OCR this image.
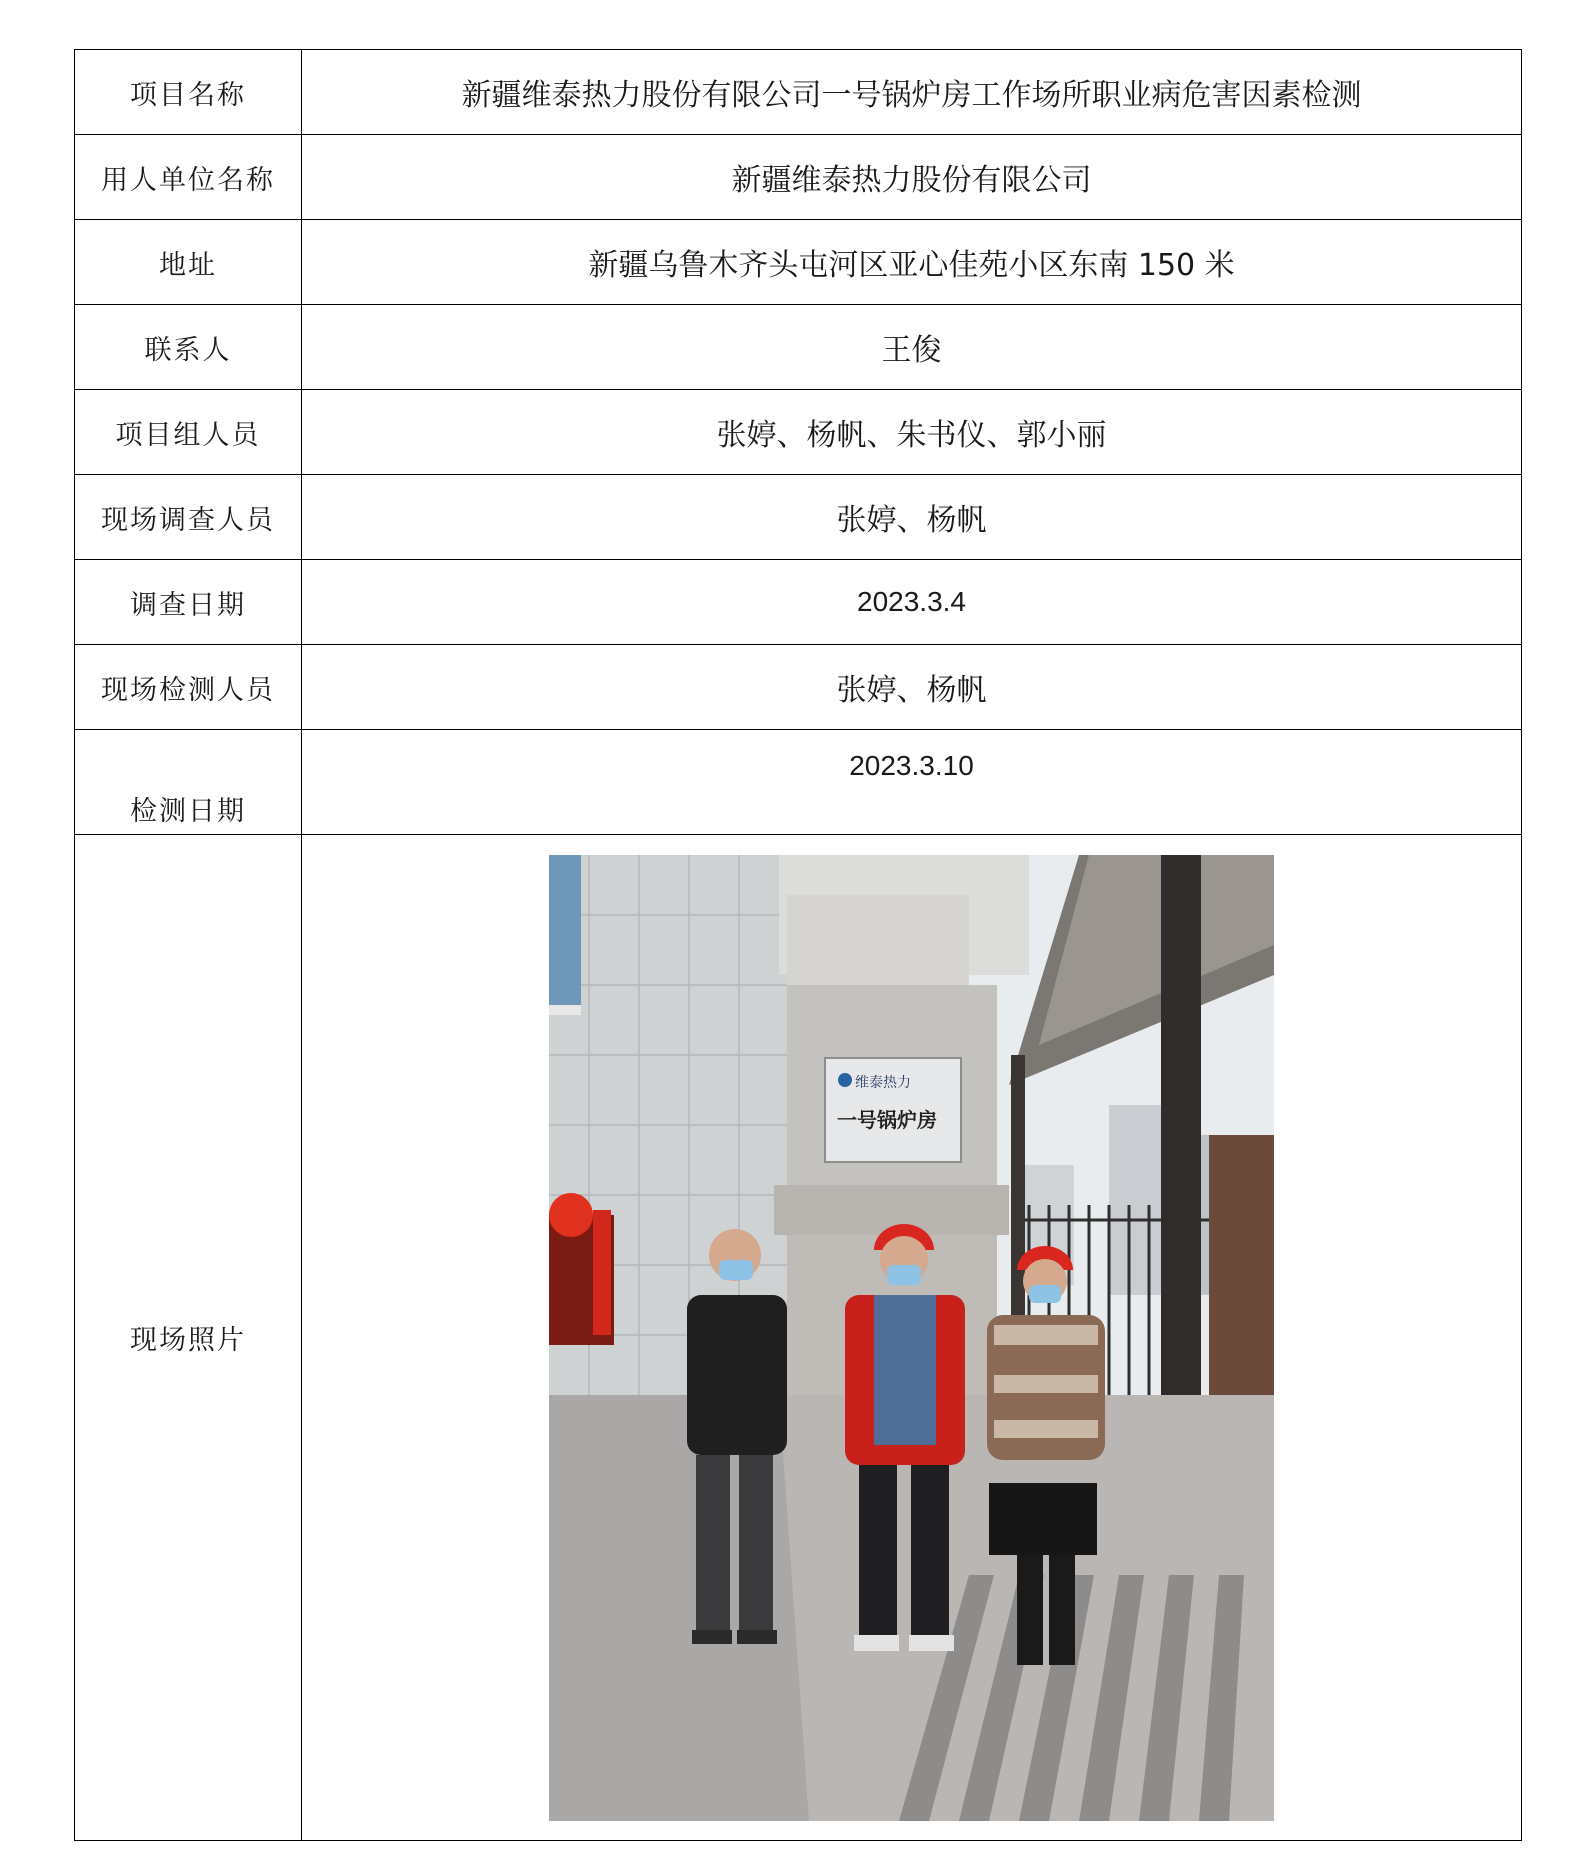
项目名称	新疆维泰热力股份有限公司一号锅炉房工作场所职业病危害因素检测
用人单位名称	新疆维泰热力股份有限公司
地址	新疆乌鲁木齐头屯河区亚心佳苑小区东南 150 米
联系人	王俊
项目组人员	张婷、杨帆、朱书仪、郭小丽
现场调查人员	张婷、杨帆
调查日期	2023.3.4
现场检测人员	张婷、杨帆
检测日期	2023.3.10
现场照片	维泰热力
一号锅炉房
